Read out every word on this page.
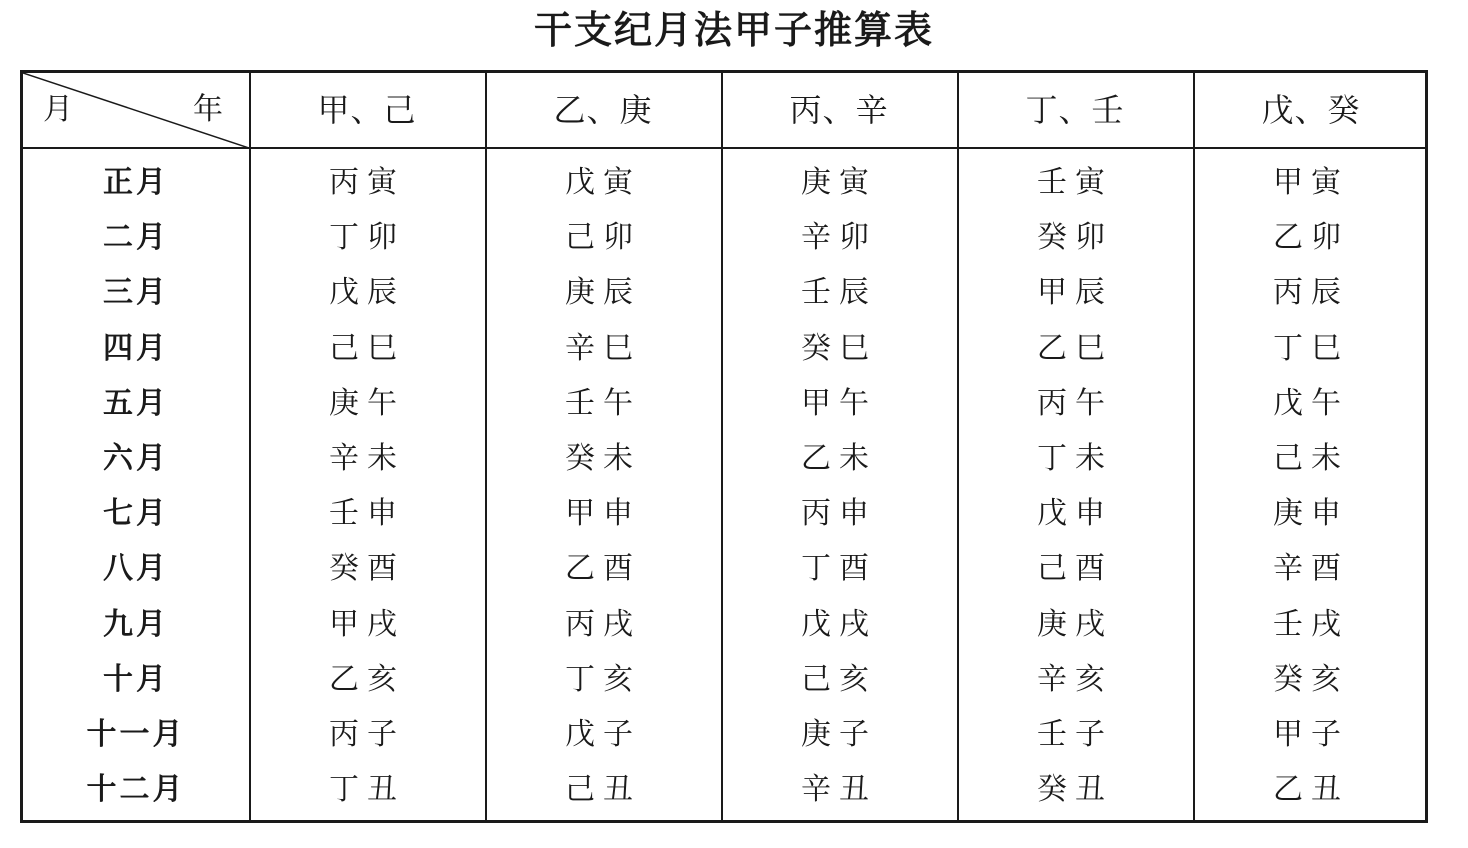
干支纪月法甲子推算表
月	年	甲、己	乙、庚	丙、辛	丁、壬	戊、癸
正月	丙寅	戊寅	庚寅	壬寅	甲寅
二月	丁卯	己卯	辛卯	癸卯	乙卯
三月	戊辰	庚辰	壬辰	甲辰	丙辰
四月	己巳	辛巳	癸巳	乙巳	丁巳
五月	庚午	壬午	甲午	丙午	戊午
六月	辛未	癸未	乙未	丁未	己未
七月	壬申	甲申	丙申	戊申	庚申
八月	癸酉	乙酉	丁酉	己酉	辛酉
九月	甲戌	丙戌	戊戌	庚戌	壬戌
十月	乙亥	丁亥	己亥	辛亥	癸亥
十一月	丙子	戊子	庚子	壬子	甲子
十二月	丁丑	己丑	辛丑	癸丑	乙丑
